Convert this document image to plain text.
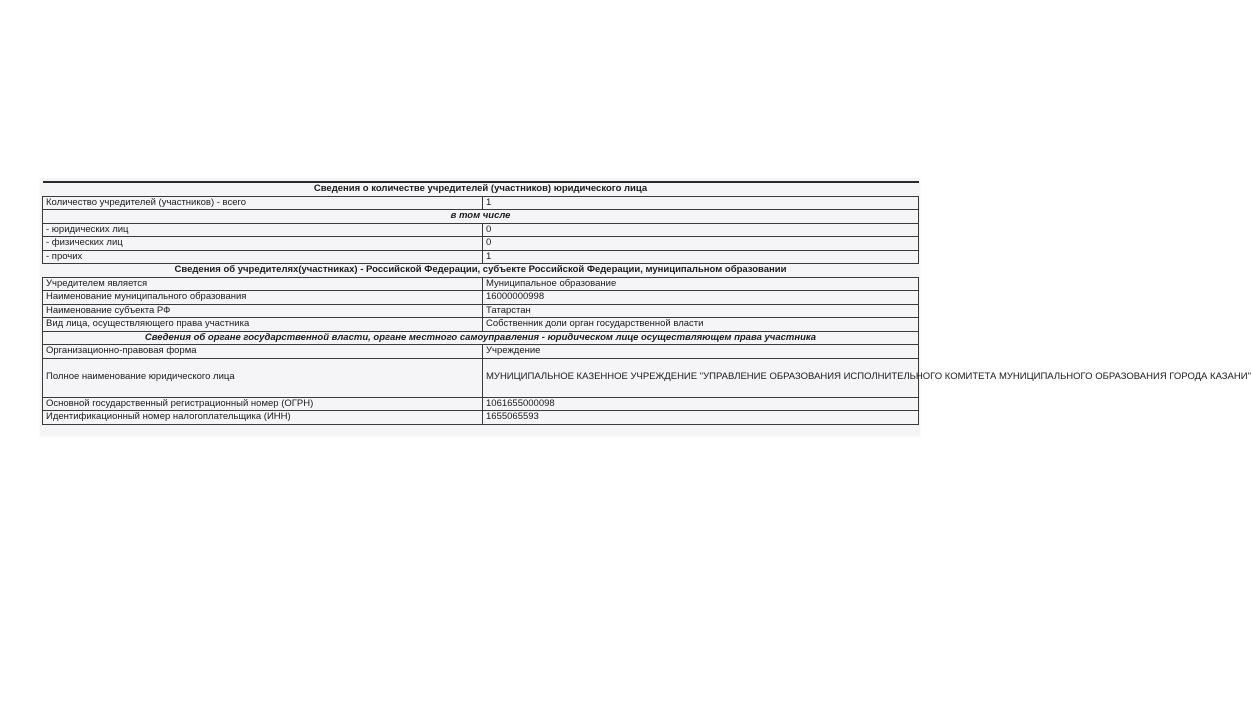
Сведения о количестве учредителей (участников) юридического лица	
Количество учредителей (участников) - всего	1
в том числе	
- юридических лиц	0
- физических лиц	0
- прочих	1
Сведения об учредителях(участниках) - Российской Федерации, субъекте Российской Федерации, муниципальном образовании	
Учредителем является	Муниципальное образование
Наименование муниципального образования	16000000998
Наименование субъекта РФ	Татарстан
Вид лица, осуществляющего права участника	Собственник доли орган государственной власти
Сведения об органе государственной власти, органе местного самоуправления - юридическом лице осуществляющем права участника	
Организационно-правовая форма	Учреждение
Полное наименование юридического лица	МУНИЦИПАЛЬНОЕ КАЗЕННОЕ УЧРЕЖДЕНИЕ "УПРАВЛЕНИЕ ОБРАЗОВАНИЯ ИСПОЛНИТЕЛЬНОГО КОМИТЕТА МУНИЦИПАЛЬНОГО ОБРАЗОВАНИЯ ГОРОДА КАЗАНИ"
Основной государственный регистрационный номер (ОГРН)	1061655000098
Идентификационный номер налогоплательщика (ИНН)	1655065593
